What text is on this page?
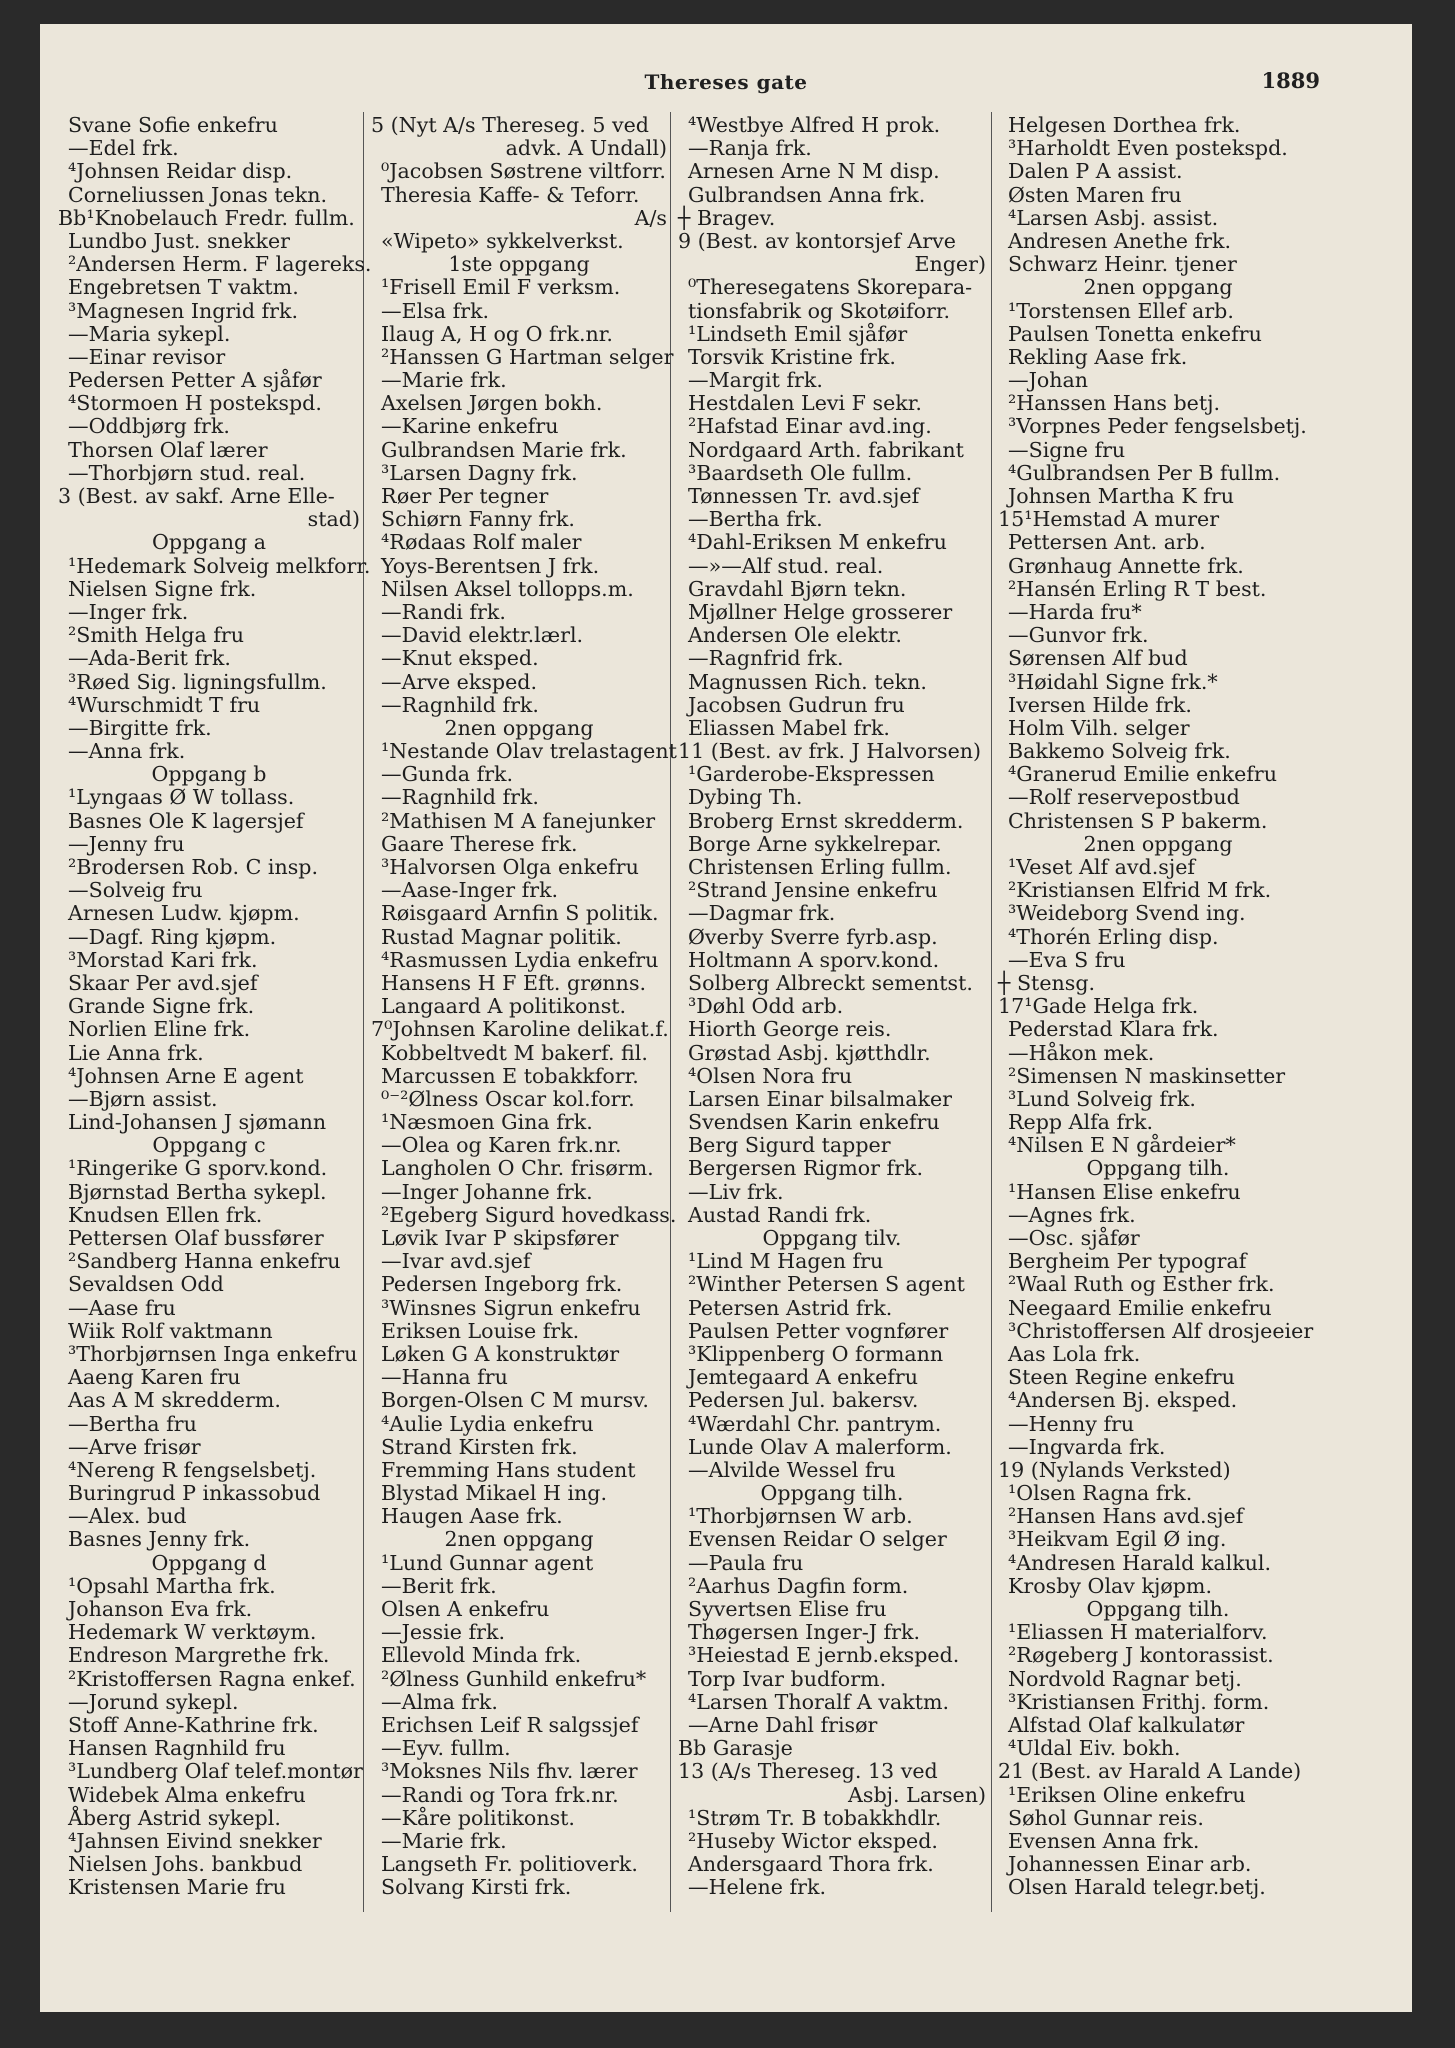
Thereses gate	1889
Svane Sofie enkefru
—Edel frk.
⁴Johnsen Reidar disp.
Corneliussen Jonas tekn.
Bb¹Knobelauch Fredr. fullm.
Lundbo Just. snekker
²Andersen Herm. F lagereks.
Engebretsen T vaktm.
³Magnesen Ingrid frk.
—Maria sykepl.
—Einar revisor
Pedersen Petter A sjåfør
⁴Stormoen H postekspd.
—Oddbjørg frk.
Thorsen Olaf lærer
—Thorbjørn stud. real.
3 (Best. av sakf. Arne Elle-
stad)
Oppgang a
¹Hedemark Solveig melkforr.
Nielsen Signe frk.
—Inger frk.
²Smith Helga fru
—Ada-Berit frk.
³Røed Sig. ligningsfullm.
⁴Wurschmidt T fru
—Birgitte frk.
—Anna frk.
Oppgang b
¹Lyngaas Ø W tollass.
Basnes Ole K lagersjef
—Jenny fru
²Brodersen Rob. C insp.
—Solveig fru
Arnesen Ludw. kjøpm.
—Dagf. Ring kjøpm.
³Morstad Kari frk.
Skaar Per avd.sjef
Grande Signe frk.
Norlien Eline frk.
Lie Anna frk.
⁴Johnsen Arne E agent
—Bjørn assist.
Lind-Johansen J sjømann
Oppgang c
¹Ringerike G sporv.kond.
Bjørnstad Bertha sykepl.
Knudsen Ellen frk.
Pettersen Olaf bussfører
²Sandberg Hanna enkefru
Sevaldsen Odd
—Aase fru
Wiik Rolf vaktmann
³Thorbjørnsen Inga enkefru
Aaeng Karen fru
Aas A M skredderm.
—Bertha fru
—Arve frisør
⁴Nereng R fengselsbetj.
Buringrud P inkassobud
—Alex. bud
Basnes Jenny frk.
Oppgang d
¹Opsahl Martha frk.
Johanson Eva frk.
Hedemark W verktøym.
Endreson Margrethe frk.
²Kristoffersen Ragna enkef.
—Jorund sykepl.
Stoff Anne-Kathrine frk.
Hansen Ragnhild fru
³Lundberg Olaf telef.montør
Widebek Alma enkefru
Åberg Astrid sykepl.
⁴Jahnsen Eivind snekker
Nielsen Johs. bankbud
Kristensen Marie fru
5 (Nyt A/s Thereseg. 5 ved
advk. A Undall)
⁰Jacobsen Søstrene viltforr.
Theresia Kaffe- & Teforr.
A/s
«Wipeto» sykkelverkst.
1ste oppgang
¹Frisell Emil F verksm.
—Elsa frk.
Ilaug A, H og O frk.nr.
²Hanssen G Hartman selger
—Marie frk.
Axelsen Jørgen bokh.
—Karine enkefru
Gulbrandsen Marie frk.
³Larsen Dagny frk.
Røer Per tegner
Schiørn Fanny frk.
⁴Rødaas Rolf maler
Yoys-Berentsen J frk.
Nilsen Aksel tollopps.m.
—Randi frk.
—David elektr.lærl.
—Knut eksped.
—Arve eksped.
—Ragnhild frk.
2nen oppgang
¹Nestande Olav trelastagent
—Gunda frk.
—Ragnhild frk.
²Mathisen M A fanejunker
Gaare Therese frk.
³Halvorsen Olga enkefru
—Aase-Inger frk.
Røisgaard Arnfin S politik.
Rustad Magnar politik.
⁴Rasmussen Lydia enkefru
Hansens H F Eft. grønns.
Langaard A politikonst.
7⁰Johnsen Karoline delikat.f.
Kobbeltvedt M bakerf. fil.
Marcussen E tobakkforr.
⁰⁻²Ølness Oscar kol.forr.
¹Næsmoen Gina frk.
—Olea og Karen frk.nr.
Langholen O Chr. frisørm.
—Inger Johanne frk.
²Egeberg Sigurd hovedkass.
Løvik Ivar P skipsfører
—Ivar avd.sjef
Pedersen Ingeborg frk.
³Winsnes Sigrun enkefru
Eriksen Louise frk.
Løken G A konstruktør
—Hanna fru
Borgen-Olsen C M mursv.
⁴Aulie Lydia enkefru
Strand Kirsten frk.
Fremming Hans student
Blystad Mikael H ing.
Haugen Aase frk.
2nen oppgang
¹Lund Gunnar agent
—Berit frk.
Olsen A enkefru
—Jessie frk.
Ellevold Minda frk.
²Ølness Gunhild enkefru*
—Alma frk.
Erichsen Leif R salgssjef
—Eyv. fullm.
³Moksnes Nils fhv. lærer
—Randi og Tora frk.nr.
—Kåre politikonst.
—Marie frk.
Langseth Fr. politioverk.
Solvang Kirsti frk.
⁴Westbye Alfred H prok.
—Ranja frk.
Arnesen Arne N M disp.
Gulbrandsen Anna frk.
┼ Bragev.
9 (Best. av kontorsjef Arve
Enger)
⁰Theresegatens Skorepara-
tionsfabrik og Skotøiforr.
¹Lindseth Emil sjåfør
Torsvik Kristine frk.
—Margit frk.
Hestdalen Levi F sekr.
²Hafstad Einar avd.ing.
Nordgaard Arth. fabrikant
³Baardseth Ole fullm.
Tønnessen Tr. avd.sjef
—Bertha frk.
⁴Dahl-Eriksen M enkefru
—»—Alf stud. real.
Gravdahl Bjørn tekn.
Mjøllner Helge grosserer
Andersen Ole elektr.
—Ragnfrid frk.
Magnussen Rich. tekn.
Jacobsen Gudrun fru
Eliassen Mabel frk.
11 (Best. av frk. J Halvorsen)
¹Garderobe-Ekspressen
Dybing Th.
Broberg Ernst skredderm.
Borge Arne sykkelrepar.
Christensen Erling fullm.
²Strand Jensine enkefru
—Dagmar frk.
Øverby Sverre fyrb.asp.
Holtmann A sporv.kond.
Solberg Albreckt sementst.
³Døhl Odd arb.
Hiorth George reis.
Grøstad Asbj. kjøtthdlr.
⁴Olsen Nora fru
Larsen Einar bilsalmaker
Svendsen Karin enkefru
Berg Sigurd tapper
Bergersen Rigmor frk.
—Liv frk.
Austad Randi frk.
Oppgang tilv.
¹Lind M Hagen fru
²Winther Petersen S agent
Petersen Astrid frk.
Paulsen Petter vognfører
³Klippenberg O formann
Jemtegaard A enkefru
Pedersen Jul. bakersv.
⁴Wærdahl Chr. pantrym.
Lunde Olav A malerform.
—Alvilde Wessel fru
Oppgang tilh.
¹Thorbjørnsen W arb.
Evensen Reidar O selger
—Paula fru
²Aarhus Dagfin form.
Syvertsen Elise fru
Thøgersen Inger-J frk.
³Heiestad E jernb.eksped.
Torp Ivar budform.
⁴Larsen Thoralf A vaktm.
—Arne Dahl frisør
Bb Garasje
13 (A/s Thereseg. 13 ved
Asbj. Larsen)
¹Strøm Tr. B tobakkhdlr.
²Huseby Wictor eksped.
Andersgaard Thora frk.
—Helene frk.
Helgesen Dorthea frk.
³Harholdt Even postekspd.
Dalen P A assist.
Østen Maren fru
⁴Larsen Asbj. assist.
Andresen Anethe frk.
Schwarz Heinr. tjener
2nen oppgang
¹Torstensen Ellef arb.
Paulsen Tonetta enkefru
Rekling Aase frk.
—Johan
²Hanssen Hans betj.
³Vorpnes Peder fengselsbetj.
—Signe fru
⁴Gulbrandsen Per B fullm.
Johnsen Martha K fru
15¹Hemstad A murer
Pettersen Ant. arb.
Grønhaug Annette frk.
²Hansén Erling R T best.
—Harda fru*
—Gunvor frk.
Sørensen Alf bud
³Høidahl Signe frk.*
Iversen Hilde frk.
Holm Vilh. selger
Bakkemo Solveig frk.
⁴Granerud Emilie enkefru
—Rolf reservepostbud
Christensen S P bakerm.
2nen oppgang
¹Veset Alf avd.sjef
²Kristiansen Elfrid M frk.
³Weideborg Svend ing.
⁴Thorén Erling disp.
—Eva S fru
┼ Stensg.
17¹Gade Helga frk.
Pederstad Klara frk.
—Håkon mek.
²Simensen N maskinsetter
³Lund Solveig frk.
Repp Alfa frk.
⁴Nilsen E N gårdeier*
Oppgang tilh.
¹Hansen Elise enkefru
—Agnes frk.
—Osc. sjåfør
Bergheim Per typograf
²Waal Ruth og Esther frk.
Neegaard Emilie enkefru
³Christoffersen Alf drosjeeier
Aas Lola frk.
Steen Regine enkefru
⁴Andersen Bj. eksped.
—Henny fru
—Ingvarda frk.
19 (Nylands Verksted)
¹Olsen Ragna frk.
²Hansen Hans avd.sjef
³Heikvam Egil Ø ing.
⁴Andresen Harald kalkul.
Krosby Olav kjøpm.
Oppgang tilh.
¹Eliassen H materialforv.
²Røgeberg J kontorassist.
Nordvold Ragnar betj.
³Kristiansen Frithj. form.
Alfstad Olaf kalkulatør
⁴Uldal Eiv. bokh.
21 (Best. av Harald A Lande)
¹Eriksen Oline enkefru
Søhol Gunnar reis.
Evensen Anna frk.
Johannessen Einar arb.
Olsen Harald telegr.betj.
